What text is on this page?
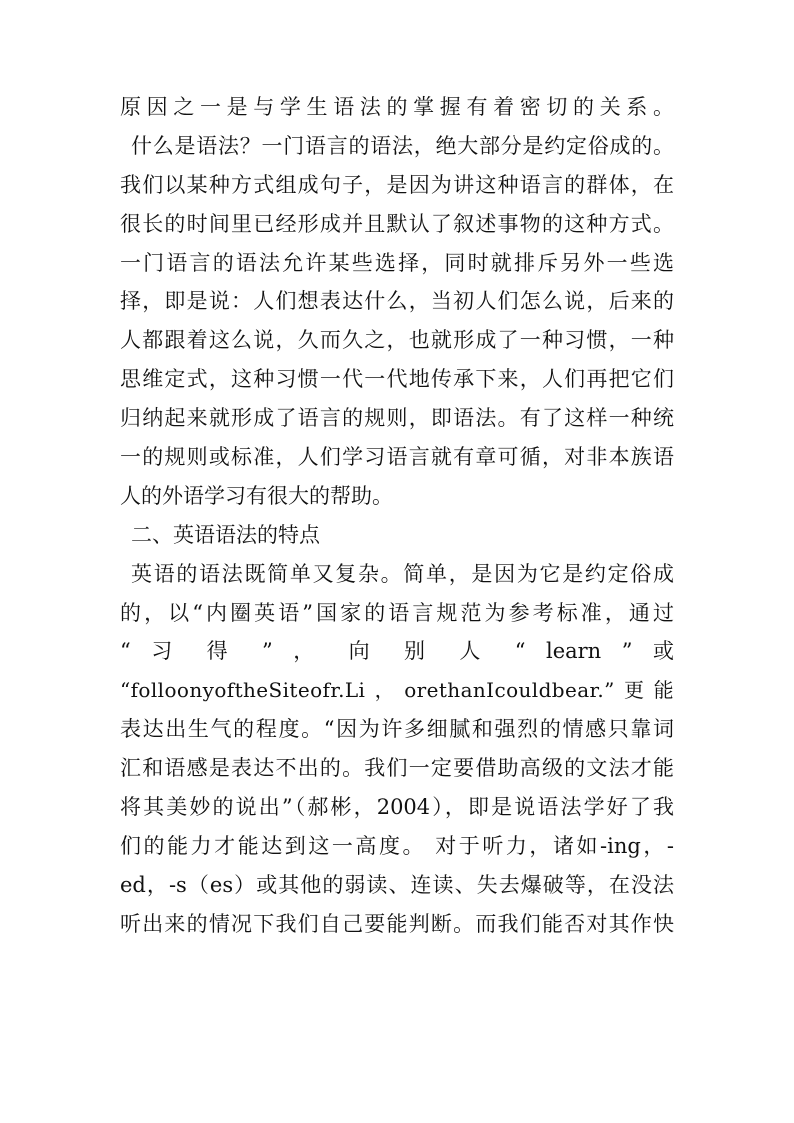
原因之一是与学生语法的掌握有着密切的关系。
什么是语法？一门语言的语法，绝大部分是约定俗成的。
我们以某种方式组成句子，是因为讲这种语言的群体，在
很长的时间里已经形成并且默认了叙述事物的这种方式。
一门语言的语法允许某些选择，同时就排斥另外一些选
择，即是说：人们想表达什么，当初人们怎么说，后来的
人都跟着这么说，久而久之，也就形成了一种习惯，一种
思维定式，这种习惯一代一代地传承下来，人们再把它们
归纳起来就形成了语言的规则，即语法。有了这样一种统
一的规则或标准，人们学习语言就有章可循，对非本族语
人的外语学习有很大的帮助。
二、英语语法的特点
英语的语法既简单又复杂。简单，是因为它是约定俗成
的，以“内圈英语”国家的语言规范为参考标准，通过
“ 习 得 ” ， 向 别 人 “ learn ” 或
“folloonyoftheSiteofr.Li，orethanIcouldbear.”更能
表达出生气的程度。“因为许多细腻和强烈的情感只靠词
汇和语感是表达不出的。我们一定要借助高级的文法才能
将其美妙的说出”（郝彬，2004），即是说语法学好了我
们的能力才能达到这一高度。 对于听力，诸如-ing，-
ed，-s（es）或其他的弱读、连读、失去爆破等，在没法
听出来的情况下我们自己要能判断。而我们能否对其作快
